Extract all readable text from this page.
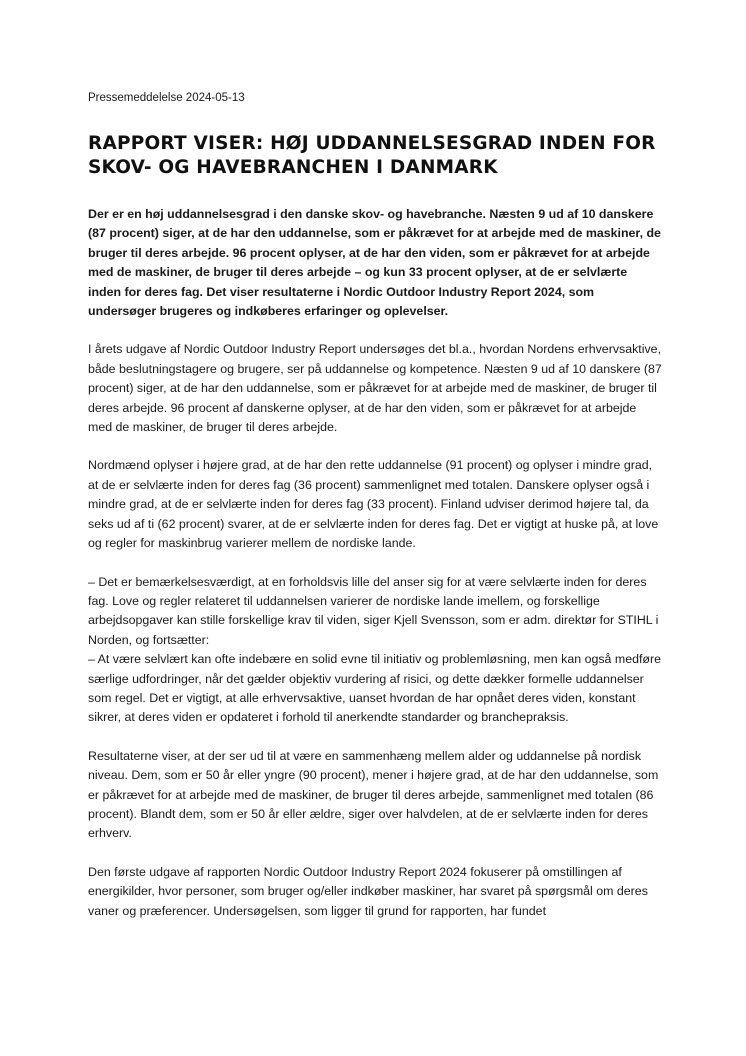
Pressemeddelelse 2024-05-13
RAPPORT VISER: HØJ UDDANNELSESGRAD INDEN FOR SKOV- OG HAVEBRANCHEN I DANMARK

Der er en høj uddannelsesgrad i den danske skov- og havebranche. Næsten 9 ud af 10 danskere (87 procent) siger, at de har den uddannelse, som er påkrævet for at arbejde med de maskiner, de bruger til deres arbejde. 96 procent oplyser, at de har den viden, som er påkrævet for at arbejde med de maskiner, de bruger til deres arbejde – og kun 33 procent oplyser, at de er selvlærte inden for deres fag. Det viser resultaterne i Nordic Outdoor Industry Report 2024, som undersøger brugeres og indkøberes erfaringer og oplevelser.

I årets udgave af Nordic Outdoor Industry Report undersøges det bl.a., hvordan Nordens erhvervsaktive, både beslutningstagere og brugere, ser på uddannelse og kompetence. Næsten 9 ud af 10 danskere (87 procent) siger, at de har den uddannelse, som er påkrævet for at arbejde med de maskiner, de bruger til deres arbejde. 96 procent af danskerne oplyser, at de har den viden, som er påkrævet for at arbejde med de maskiner, de bruger til deres arbejde.

Nordmænd oplyser i højere grad, at de har den rette uddannelse (91 procent) og oplyser i mindre grad, at de er selvlærte inden for deres fag (36 procent) sammenlignet med totalen. Danskere oplyser også i mindre grad, at de er selvlærte inden for deres fag (33 procent). Finland udviser derimod højere tal, da seks ud af ti (62 procent) svarer, at de er selvlærte inden for deres fag. Det er vigtigt at huske på, at love og regler for maskinbrug varierer mellem de nordiske lande.

– Det er bemærkelsesværdigt, at en forholdsvis lille del anser sig for at være selvlærte inden for deres fag. Love og regler relateret til uddannelsen varierer de nordiske lande imellem, og forskellige arbejdsopgaver kan stille forskellige krav til viden, siger Kjell Svensson, som er adm. direktør for STIHL i Norden, og fortsætter:
– At være selvlært kan ofte indebære en solid evne til initiativ og problemløsning, men kan også medføre særlige udfordringer, når det gælder objektiv vurdering af risici, og dette dækker formelle uddannelser som regel. Det er vigtigt, at alle erhvervsaktive, uanset hvordan de har opnået deres viden, konstant sikrer, at deres viden er opdateret i forhold til anerkendte standarder og branchepraksis.

Resultaterne viser, at der ser ud til at være en sammenhæng mellem alder og uddannelse på nordisk niveau. Dem, som er 50 år eller yngre (90 procent), mener i højere grad, at de har den uddannelse, som er påkrævet for at arbejde med de maskiner, de bruger til deres arbejde, sammenlignet med totalen (86 procent). Blandt dem, som er 50 år eller ældre, siger over halvdelen, at de er selvlærte inden for deres erhverv.

Den første udgave af rapporten Nordic Outdoor Industry Report 2024 fokuserer på omstillingen af energikilder, hvor personer, som bruger og/eller indkøber maskiner, har svaret på spørgsmål om deres vaner og præferencer. Undersøgelsen, som ligger til grund for rapporten, har fundet
